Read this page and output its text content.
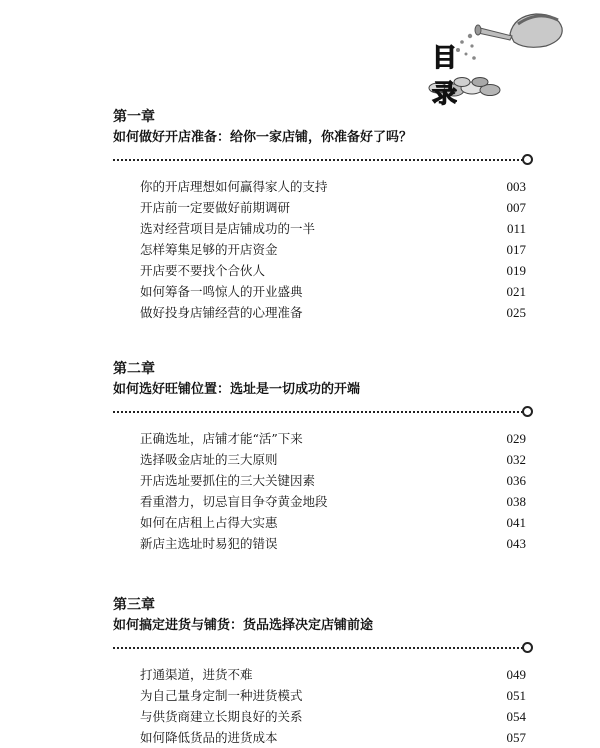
目 录
第一章
如何做好开店准备：给你一家店铺，你准备好了吗？
你的开店理想如何赢得家人的支持	003
开店前一定要做好前期调研	007
选对经营项目是店铺成功的一半	011
怎样筹集足够的开店资金	017
开店要不要找个合伙人	019
如何筹备一鸣惊人的开业盛典	021
做好投身店铺经营的心理准备	025
第二章
如何选好旺铺位置：选址是一切成功的开端
正确选址，店铺才能“活”下来	029
选择吸金店址的三大原则	032
开店选址要抓住的三大关键因素	036
看重潜力，切忌盲目争夺黄金地段	038
如何在店租上占得大实惠	041
新店主选址时易犯的错误	043
第三章
如何搞定进货与铺货：货品选择决定店铺前途
打通渠道，进货不难	049
为自己量身定制一种进货模式	051
与供货商建立长期良好的关系	054
如何降低货品的进货成本	057
